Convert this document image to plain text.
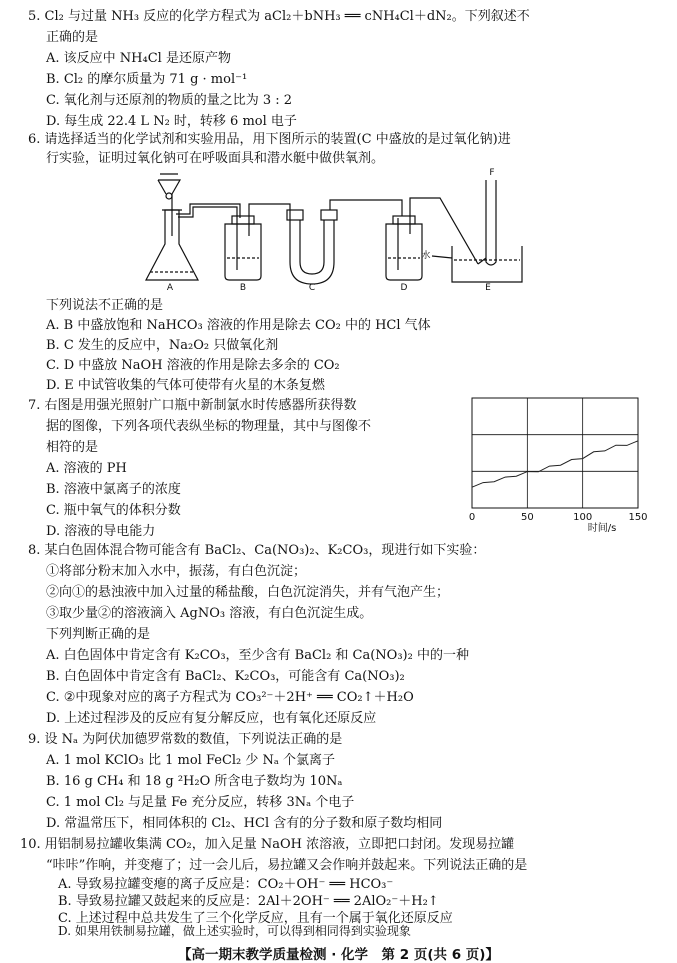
5. Cl₂ 与过量 NH₃ 反应的化学方程式为 aCl₂＋bNH₃ ══ cNH₄Cl＋dN₂。下列叙述不
正确的是
A. 该反应中 NH₄Cl 是还原产物
B. Cl₂ 的摩尔质量为 71 g · mol⁻¹
C. 氧化剂与还原剂的物质的量之比为 3 : 2
D. 每生成 22.4 L N₂ 时，转移 6 mol 电子
6. 请选择适当的化学试剂和实验用品，用下图所示的装置(C 中盛放的是过氧化钠)进
行实验，证明过氧化钠可在呼吸面具和潜水艇中做供氧剂。
A	B	C	D	E
F
水
下列说法不正确的是
A. B 中盛放饱和 NaHCO₃ 溶液的作用是除去 CO₂ 中的 HCl 气体
B. C 发生的反应中，Na₂O₂ 只做氧化剂
C. D 中盛放 NaOH 溶液的作用是除去多余的 CO₂
D. E 中试管收集的气体可使带有火星的木条复燃
7. 右图是用强光照射广口瓶中新制氯水时传感器所获得数
据的图像，下列各项代表纵坐标的物理量，其中与图像不
相符的是
A. 溶液的 PH
B. 溶液中氯离子的浓度
C. 瓶中氧气的体积分数
D. 溶液的导电能力
0	50	100	150
时间/s
8. 某白色固体混合物可能含有 BaCl₂、Ca(NO₃)₂、K₂CO₃，现进行如下实验：
①将部分粉末加入水中，振荡，有白色沉淀；
②向①的悬浊液中加入过量的稀盐酸，白色沉淀消失，并有气泡产生；
③取少量②的溶液滴入 AgNO₃ 溶液，有白色沉淀生成。
下列判断正确的是
A. 白色固体中肯定含有 K₂CO₃，至少含有 BaCl₂ 和 Ca(NO₃)₂ 中的一种
B. 白色固体中肯定含有 BaCl₂、K₂CO₃，可能含有 Ca(NO₃)₂
C. ②中现象对应的离子方程式为 CO₃²⁻＋2H⁺ ══ CO₂↑＋H₂O
D. 上述过程涉及的反应有复分解反应，也有氧化还原反应
9. 设 Nₐ 为阿伏加德罗常数的数值，下列说法正确的是
A. 1 mol KClO₃ 比 1 mol FeCl₂ 少 Nₐ 个氯离子
B. 16 g CH₄ 和 18 g ²H₂O 所含电子数均为 10Nₐ
C. 1 mol Cl₂ 与足量 Fe 充分反应，转移 3Nₐ 个电子
D. 常温常压下，相同体积的 Cl₂、HCl 含有的分子数和原子数均相同
10. 用铝制易拉罐收集满 CO₂，加入足量 NaOH 浓溶液，立即把口封闭。发现易拉罐
“咔咔”作响，并变瘪了；过一会儿后，易拉罐又会作响并鼓起来。下列说法正确的是
A. 导致易拉罐变瘪的离子反应是：CO₂＋OH⁻ ══ HCO₃⁻
B. 导致易拉罐又鼓起来的反应是：2Al＋2OH⁻ ══ 2AlO₂⁻＋H₂↑
C. 上述过程中总共发生了三个化学反应，且有一个属于氧化还原反应
【高一期末教学质量检测 · 化学　第 2 页(共 6 页)】
D. 如果用铁制易拉罐，做上述实验时，可以得到相同得到实验现象
